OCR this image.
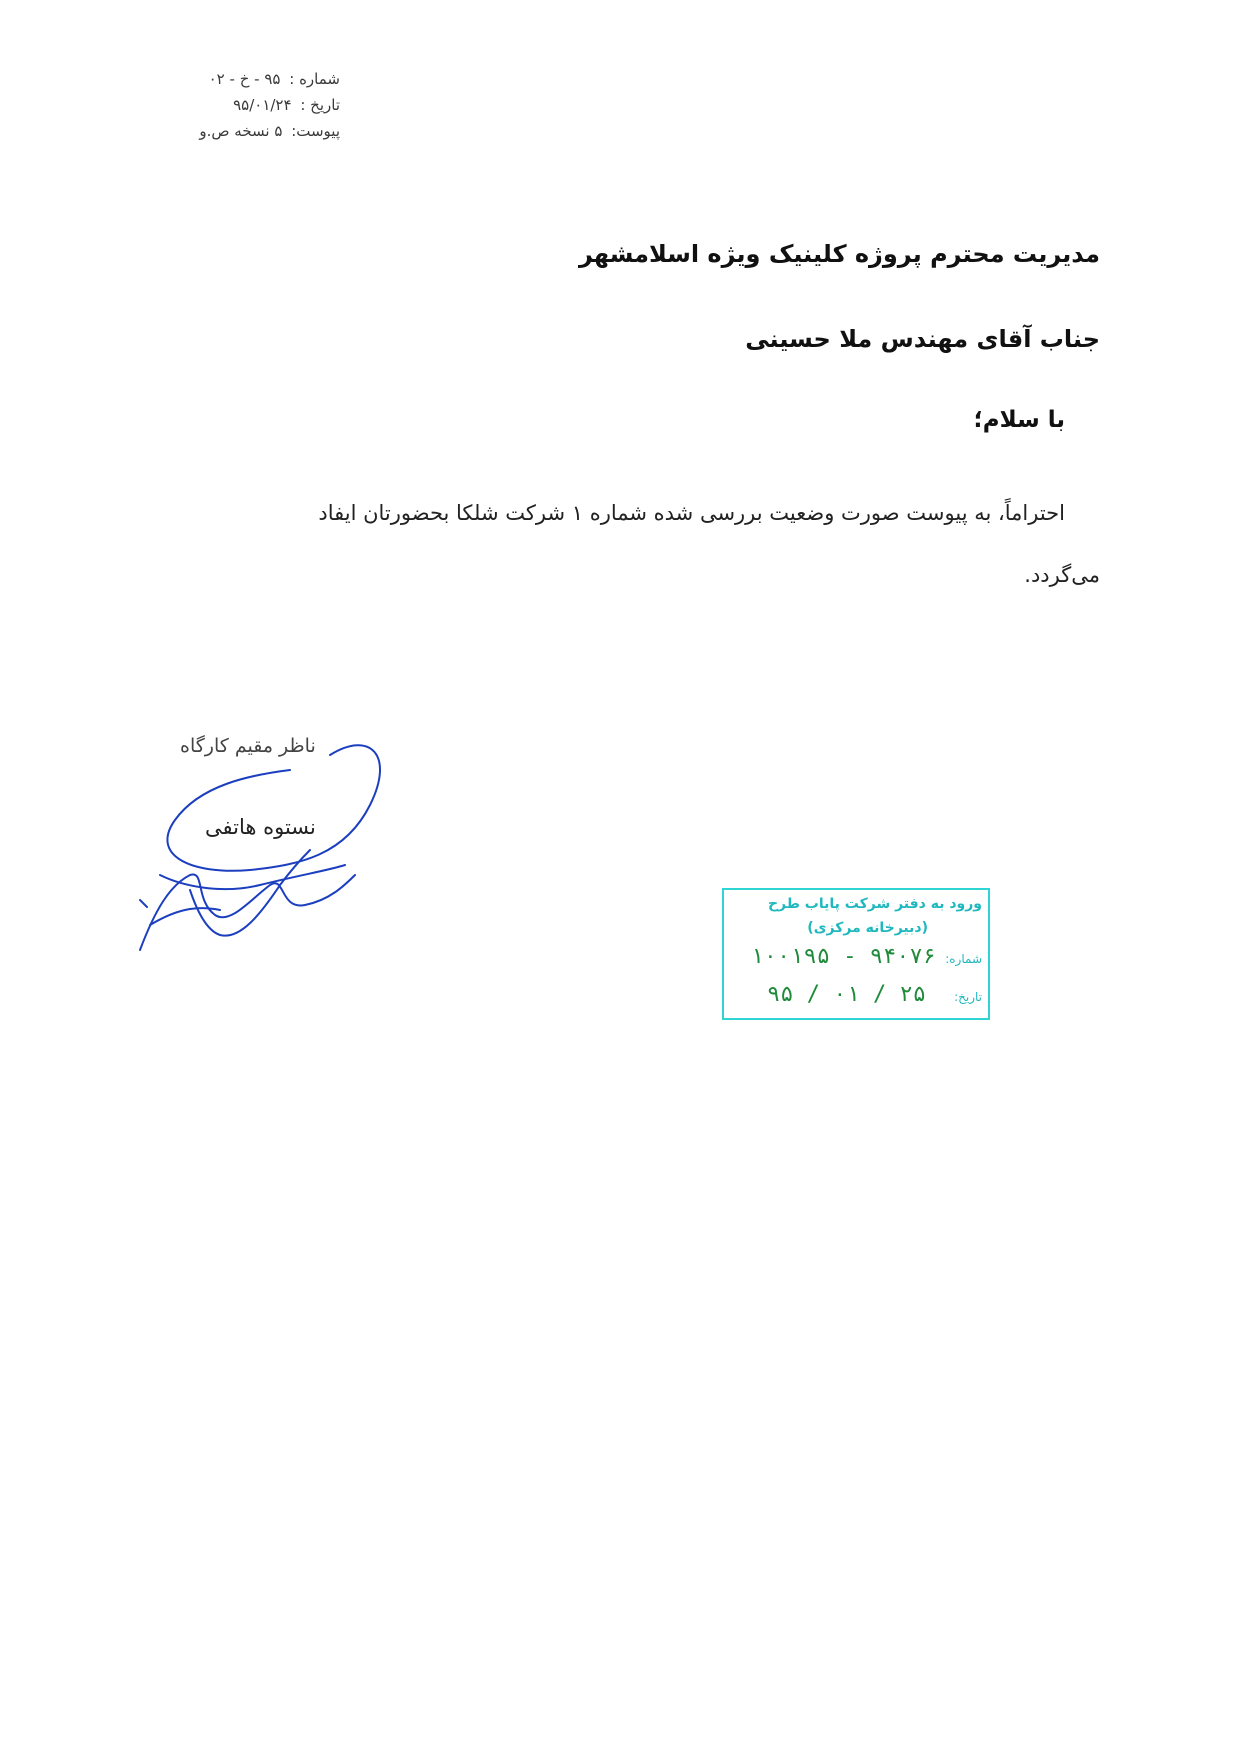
شماره : ۹۵ - خ - ۰۲
تاریخ : ۹۵/۰۱/۲۴
پیوست: ۵ نسخه ص.و
مدیریت محترم پروژه کلینیک ویژه اسلامشهر
جناب آقای مهندس ملا حسینی
با سلام؛
احتراماً، به پیوست صورت وضعیت بررسی شده شماره ۱ شرکت شلکا بحضورتان ایفاد
می‌گردد.
ناظر مقیم کارگاه
نستوه هاتفی
ورود به دفتر شرکت پایاب طرح
(دبیرخانه مرکزی)
شماره:
۱۰۰۱۹۵ - ۹۴۰۷۶
تاریخ:
۹۵ / ۰۱ / ۲۵
